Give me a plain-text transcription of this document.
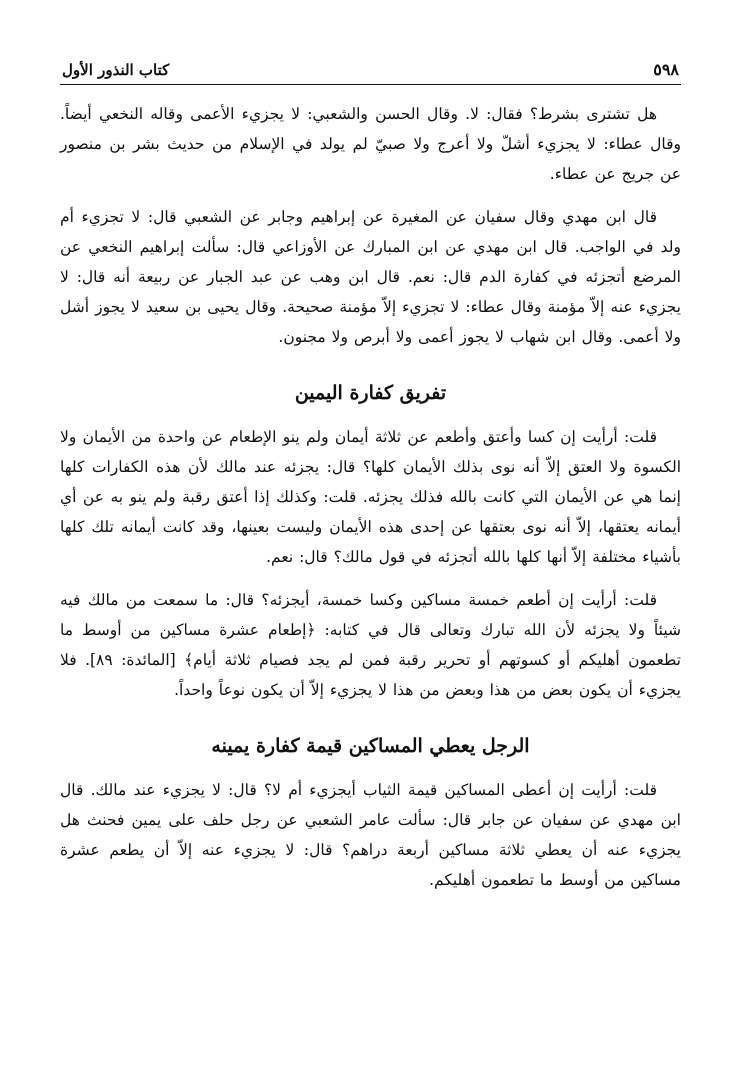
٥٩٨
كتاب النذور الأول

هل تشترى بشرط؟ فقال: لا. وقال الحسن والشعبي: لا يجزيء الأعمى وقاله النخعي أيضاً. وقال عطاء: لا يجزيء أشلّ ولا أعرج ولا صبيّ لم يولد في الإسلام من حديث بشر بن منصور عن جريج عن عطاء.

قال ابن مهدي وقال سفيان عن المغيرة عن إبراهيم وجابر عن الشعبي قال: لا تجزيء أم ولد في الواجب. قال ابن مهدي عن ابن المبارك عن الأوزاعي قال: سألت إبراهيم النخعي عن المرضع أتجزئه في كفارة الدم قال: نعم. قال ابن وهب عن عبد الجبار عن ربيعة أنه قال: لا يجزيء عنه إلاّ مؤمنة وقال عطاء: لا تجزيء إلاّ مؤمنة صحيحة. وقال يحيى بن سعيد لا يجوز أشل ولا أعمى. وقال ابن شهاب لا يجوز أعمى ولا أبرص ولا مجنون.

تفريق كفارة اليمين

قلت: أرأيت إن كسا وأعتق وأطعم عن ثلاثة أيمان ولم ينو الإطعام عن واحدة من الأيمان ولا الكسوة ولا العتق إلاّ أنه نوى بذلك الأيمان كلها؟ قال: يجزئه عند مالك لأن هذه الكفارات كلها إنما هي عن الأيمان التي كانت بالله فذلك يجزئه. قلت: وكذلك إذا أعتق رقبة ولم ينو به عن أي أيمانه يعتقها، إلاّ أنه نوى بعتقها عن إحدى هذه الأيمان وليست بعينها، وقد كانت أيمانه تلك كلها بأشياء مختلفة إلاّ أنها كلها بالله أتجزئه في قول مالك؟ قال: نعم.

قلت: أرأيت إن أطعم خمسة مساكين وكسا خمسة، أيجزئه؟ قال: ما سمعت من مالك فيه شيئاً ولا يجزئه لأن الله تبارك وتعالى قال في كتابه: ﴿إطعام عشرة مساكين من أوسط ما تطعمون أهليكم أو كسوتهم أو تحرير رقبة فمن لم يجد فصيام ثلاثة أيام﴾ [المائدة: ٨٩]. فلا يجزيء أن يكون بعض من هذا وبعض من هذا لا يجزيء إلاّ أن يكون نوعاً واحداً.

الرجل يعطي المساكين قيمة كفارة يمينه

قلت: أرأيت إن أعطى المساكين قيمة الثياب أيجزيء أم لا؟ قال: لا يجزيء عند مالك. قال ابن مهدي عن سفيان عن جابر قال: سألت عامر الشعبي عن رجل حلف على يمين فحنث هل يجزيء عنه أن يعطي ثلاثة مساكين أربعة دراهم؟ قال: لا يجزيء عنه إلاّ أن يطعم عشرة مساكين من أوسط ما تطعمون أهليكم.
